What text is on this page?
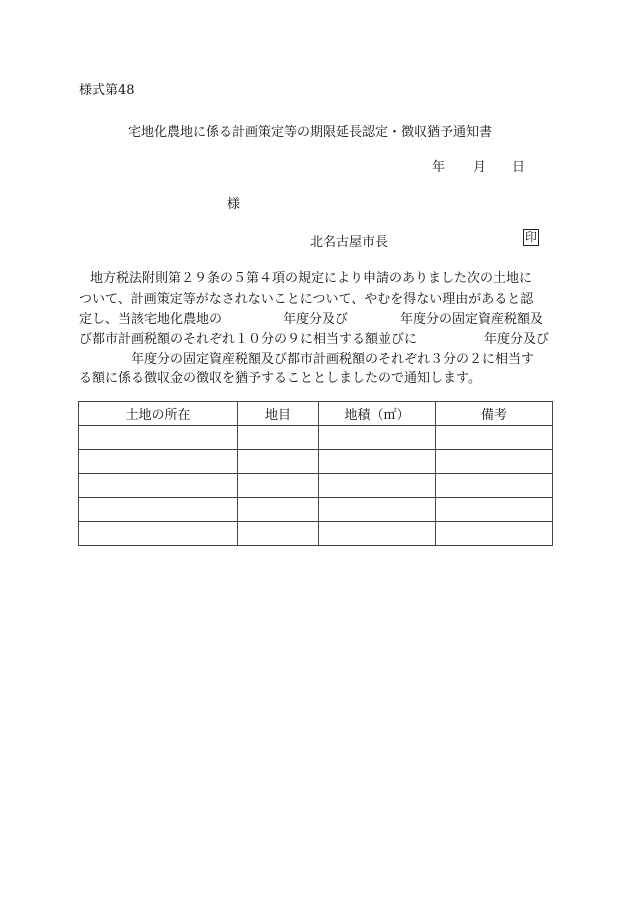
様式第48
宅地化農地に係る計画策定等の期限延長認定・徴収猶予通知書
年 月 日
様
北名古屋市長	印
地方税法附則第２９条の５第４項の規定により申請のありました次の土地に
ついて、計画策定等がなされないことについて、やむを得ない理由があると認
定し、当該宅地化農地の	年度分及び	年度分の固定資産税額及
び都市計画税額のそれぞれ１０分の９に相当する額並びに	年度分及び
年度分の固定資産税額及び都市計画税額のそれぞれ３分の２に相当す
る額に係る徴収金の徴収を猶予することとしましたので通知します。
土地の所在	地目	地積（㎡）	備考
